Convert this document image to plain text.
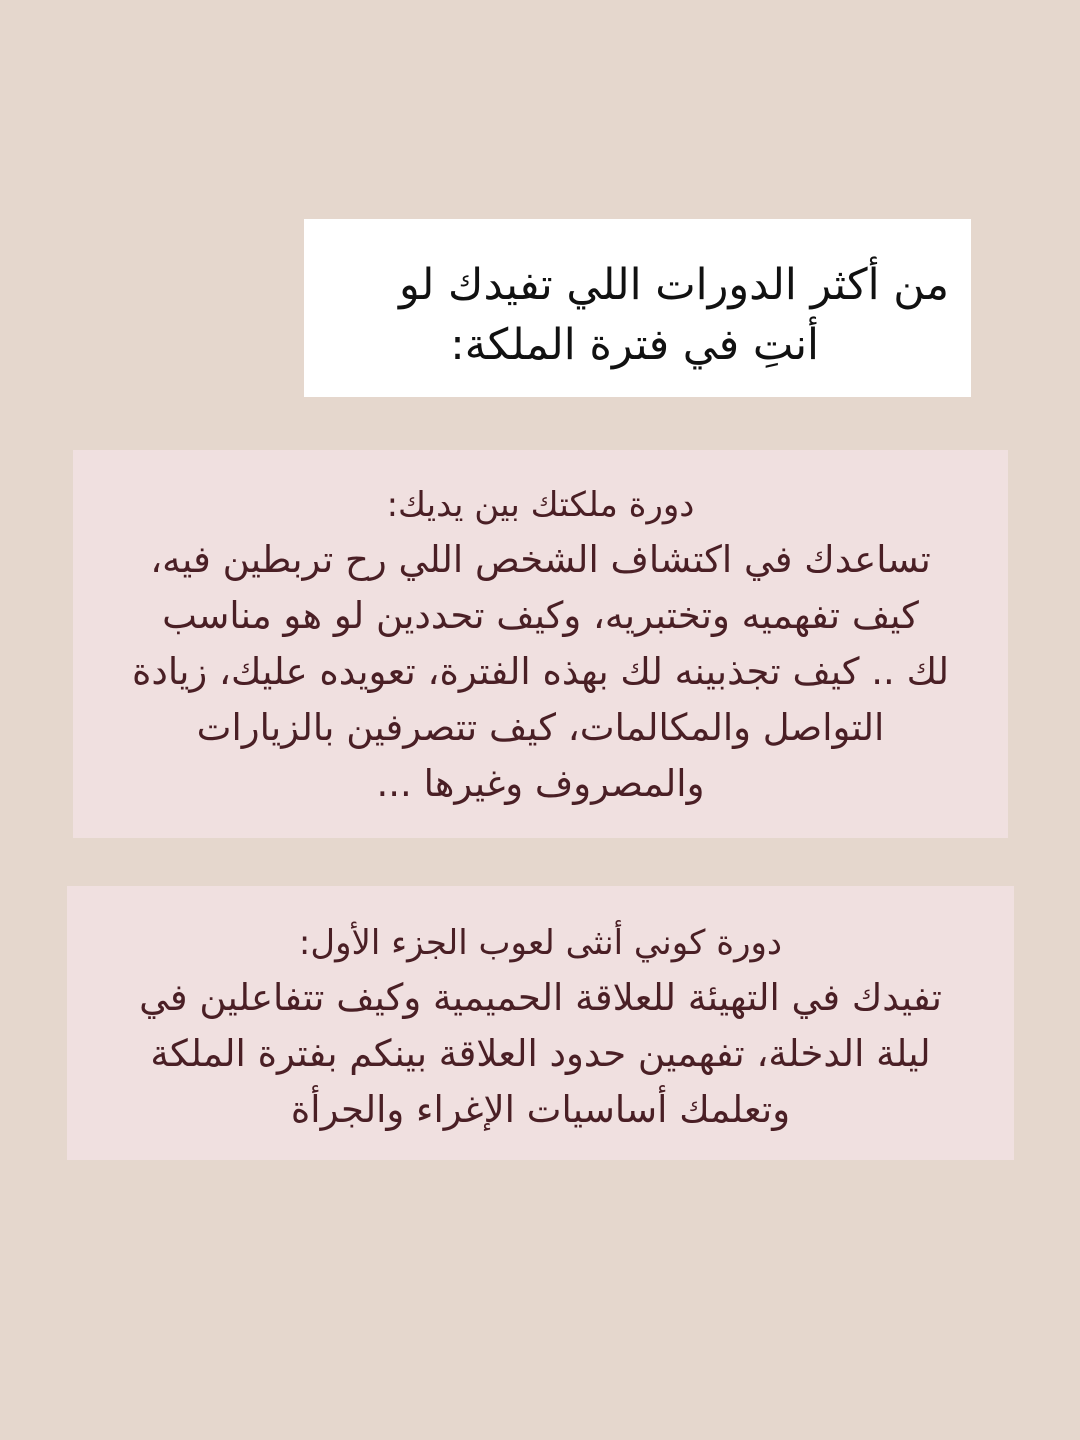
من أكثر الدورات اللي تفيدك لو
أنتِ في فترة الملكة:
دورة ملكتك بين يديك:
تساعدك في اكتشاف الشخص اللي رح تربطين فيه،
كيف تفهميه وتختبريه، وكيف تحددين لو هو مناسب
لك .. كيف تجذبينه لك بهذه الفترة، تعويده عليك، زيادة
التواصل والمكالمات، كيف تتصرفين بالزيارات
والمصروف وغيرها ...
دورة كوني أنثى لعوب الجزء الأول:
تفيدك في التهيئة للعلاقة الحميمية وكيف تتفاعلين في
ليلة الدخلة، تفهمين حدود العلاقة بينكم بفترة الملكة
وتعلمك أساسيات الإغراء والجرأة
